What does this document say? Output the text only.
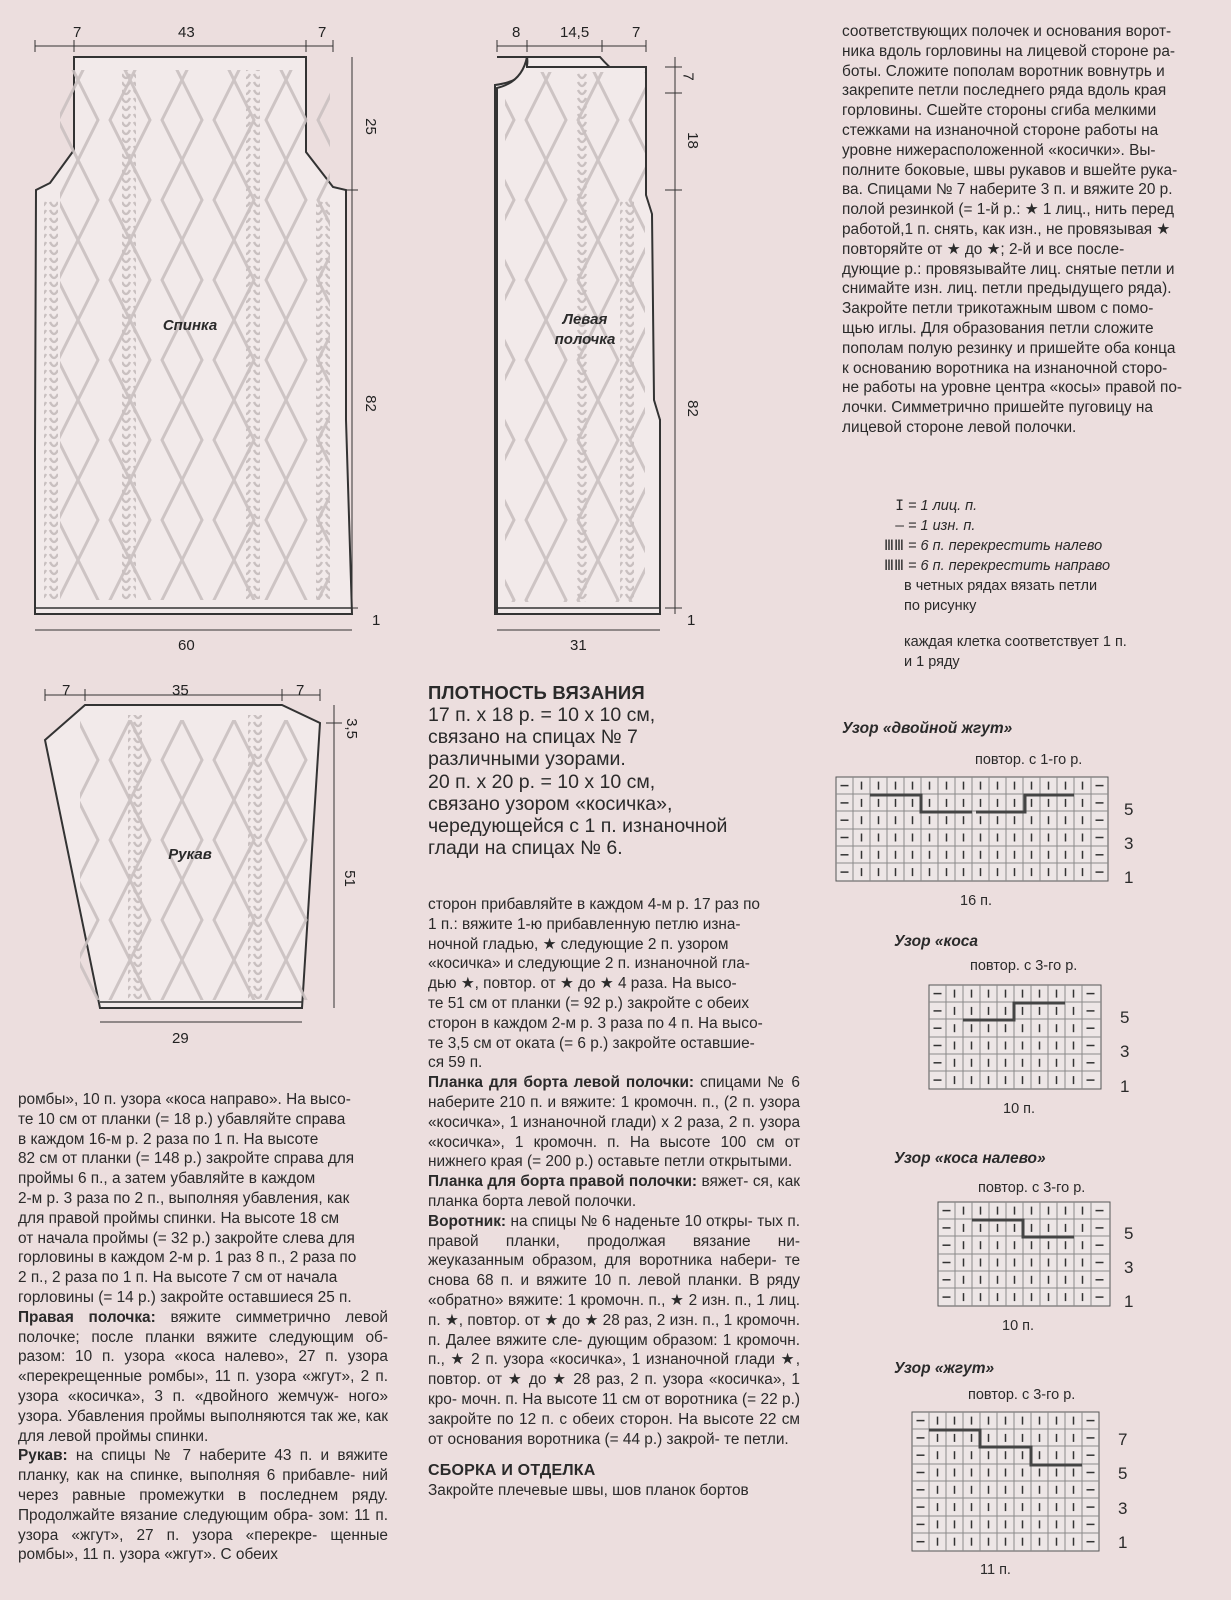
7	43	7
25
82
1
60
Спинка
8	14,5	7
7
18
82
1
31
Левая
полочка
7	35	7
3,5
51
29
Рукав
ПЛОТНОСТЬ ВЯЗАНИЯ
17 п. x 18 р. = 10 x 10 см,
связано на спицах № 7
различными узорами.
20 п. x 20 р. = 10 x 10 см,
связано узором «косичка»,
чередующейся с 1 п. изнаночной
глади на спицах № 6.
ромбы», 10 п. узора «коса направо». На высо-
те 10 см от планки (= 18 р.) убавляйте справа
в каждом 16-м р. 2 раза по 1 п. На высоте
82 см от планки (= 148 р.) закройте справа для
проймы 6 п., а затем убавляйте в каждом
2-м р. 3 раза по 2 п., выполняя убавления, как
для правой проймы спинки. На высоте 18 см
от начала проймы (= 32 р.) закройте слева для
горловины в каждом 2-м р. 1 раз 8 п., 2 раза по
2 п., 2 раза по 1 п. На высоте 7 см от начала
горловины (= 14 р.) закройте оставшиеся 25 п.

Правая полочка: вяжите симметрично левой полочке; после планки вяжите следующим об- разом: 10 п. узора «коса налево», 27 п. узора «перекрещенные ромбы», 11 п. узора «жгут», 2 п. узора «косичка», 3 п. «двойного жемчуж- ного» узора. Убавления проймы выполняются так же, как для левой проймы спинки.

Рукав: на спицы № 7 наберите 43 п. и вяжите планку, как на спинке, выполняя 6 прибавле- ний через равные промежутки в последнем ряду. Продолжайте вязание следующим обра- зом: 11 п. узора «жгут», 27 п. узора «перекре- щенные ромбы», 11 п. узора «жгут». С обеих

сторон прибавляйте в каждом 4-м р. 17 раз по
1 п.: вяжите 1-ю прибавленную петлю изна-
ночной гладью, ★ следующие 2 п. узором
«косичка» и следующие 2 п. изнаночной гла-
дью ★, повтор. от ★ до ★ 4 раза. На высо-
те 51 см от планки (= 92 р.) закройте с обеих
сторон в каждом 2-м р. 3 раза по 4 п. На высо-
те 3,5 см от оката (= 6 р.) закройте оставшие-
ся 59 п.

Планка для борта левой полочки: спицами № 6 наберите 210 п. и вяжите: 1 кромочн. п., (2 п. узора «косичка», 1 изнаночной глади) x 2 раза, 2 п. узора «косичка», 1 кромочн. п. На высоте 100 см от нижнего края (= 200 р.) оставьте петли открытыми.

Планка для борта правой полочки: вяжет- ся, как планка борта левой полочки.

Воротник: на спицы № 6 наденьте 10 откры- тых п. правой планки, продолжая вязание ни- жеуказанным образом, для воротника набери- те снова 68 п. и вяжите 10 п. левой планки. В ряду «обратно» вяжите: 1 кромочн. п., ★ 2 изн. п., 1 лиц. п. ★, повтор. от ★ до ★ 28 раз, 2 изн. п., 1 кромочн. п. Далее вяжите сле- дующим образом: 1 кромочн. п., ★ 2 п. узора «косичка», 1 изнаночной глади ★, повтор. от ★ до ★ 28 раз, 2 п. узора «косичка», 1 кро- мочн. п. На высоте 11 см от воротника (= 22 р.) закройте по 12 п. с обеих сторон. На высоте 22 см от основания воротника (= 44 р.) закрой- те петли.

СБОРКА И ОТДЕЛКА
Закройте плечевые швы, шов планок бортов
соответствующих полочек и основания ворот-
ника вдоль горловины на лицевой стороне ра-
боты. Сложите пополам воротник вовнутрь и
закрепите петли последнего ряда вдоль края
горловины. Сшейте стороны сгиба мелкими
стежками на изнаночной стороне работы на
уровне нижерасположенной «косички». Вы-
полните боковые, швы рукавов и вшейте рука-
ва. Спицами № 7 наберите 3 п. и вяжите 20 р.
полой резинкой (= 1-й р.: ★ 1 лиц., нить перед
работой,1 п. снять, как изн., не провязывая ★
повторяйте от ★ до ★; 2-й и все после-
дующие р.: провязывайте лиц. снятые петли и
снимайте изн. лиц. петли предыдущего ряда).
Закройте петли трикотажным швом с помо-
щью иглы. Для образования петли сложите
пополам полую резинку и пришейте оба конца
к основанию воротника на изнаночной сторо-
не работы на уровне центра «косы» правой по-
лочки. Симметрично пришейте пуговицу на
лицевой стороне левой полочки.
I = 1 лиц. п.
– = 1 изн. п.
ⅢⅢ = 6 п. перекрестить налево
ⅢⅢ = 6 п. перекрестить направо
в четных рядах вязать петли
по рисунку
каждая клетка соответствует 1 п.
и 1 ряду
Узор «двойной жгут»
повтор. с 1-го р.
5
3
1
16 п.
Узор «коса
повтор. с 3-го р.
5
3
1
10 п.
Узор «коса налево»
повтор. с 3-го р.
5
3
1
10 п.
Узор «жгут»
повтор. с 3-го р.
7
5
3
1
11 п.
